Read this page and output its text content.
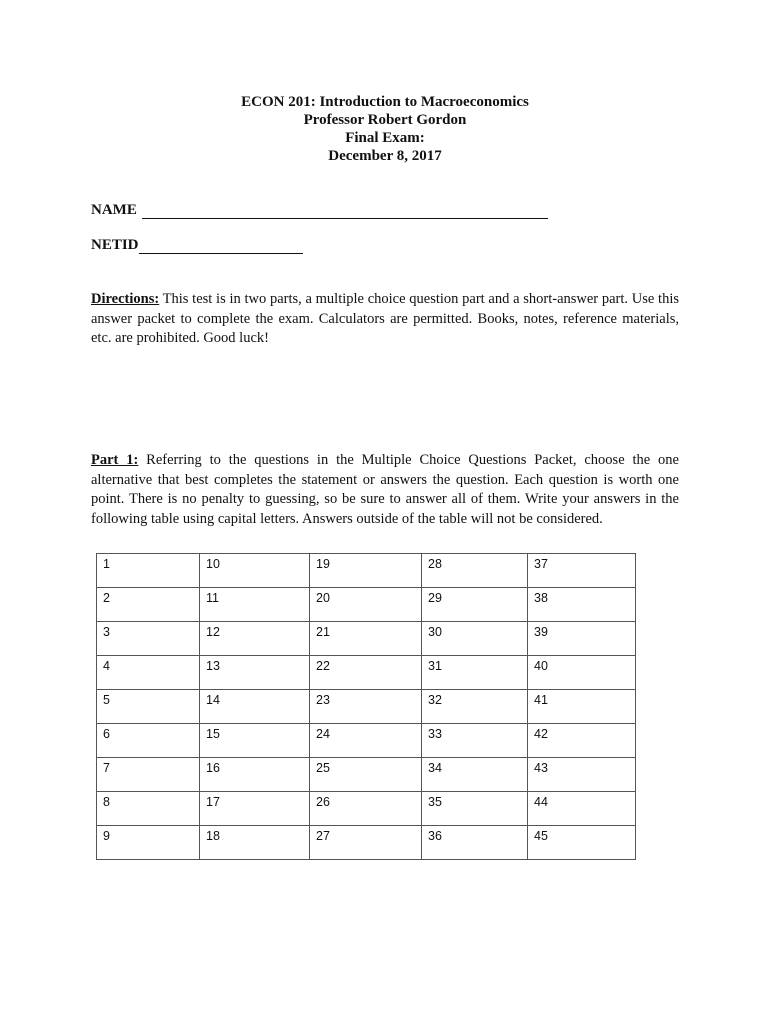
ECON 201: Introduction to Macroeconomics
Professor Robert Gordon
Final Exam:
December 8, 2017
NAME
NETID
Directions: This test is in two parts, a multiple choice question part and a short-answer part. Use this answer packet to complete the exam. Calculators are permitted. Books, notes, reference materials, etc. are prohibited. Good luck!
Part 1: Referring to the questions in the Multiple Choice Questions Packet, choose the one alternative that best completes the statement or answers the question. Each question is worth one point. There is no penalty to guessing, so be sure to answer all of them. Write your answers in the following table using capital letters. Answers outside of the table will not be considered.
1	10	19	28	37
2	11	20	29	38
3	12	21	30	39
4	13	22	31	40
5	14	23	32	41
6	15	24	33	42
7	16	25	34	43
8	17	26	35	44
9	18	27	36	45
